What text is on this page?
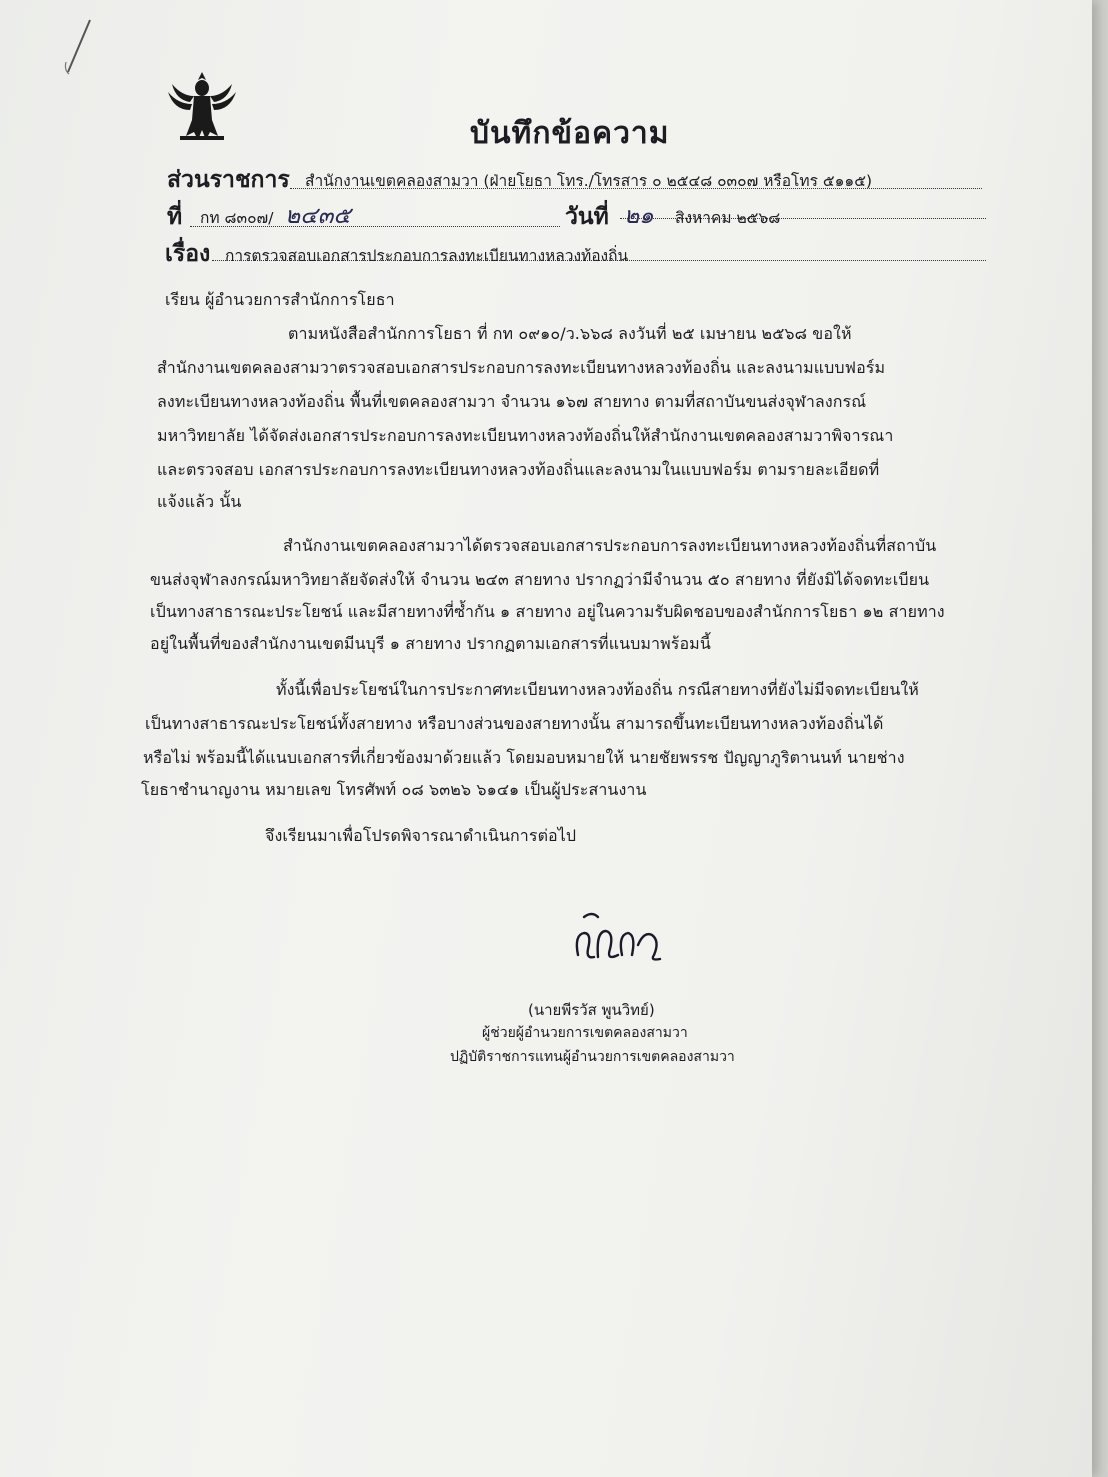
บันทึกข้อความ
ส่วนราชการ สำนักงานเขตคลองสามวา (ฝ่ายโยธา โทร./โทรสาร ๐ ๒๕๔๘ ๐๓๐๗ หรือโทร ๕๑๑๕)
ที่ กท ๘๓๐๗/ ๒๔๓๕	วันที่ ๒๑ สิงหาคม ๒๕๖๘
เรื่อง การตรวจสอบเอกสารประกอบการลงทะเบียนทางหลวงท้องถิ่น
เรียน ผู้อำนวยการสำนักการโยธา
ตามหนังสือสำนักการโยธา ที่ กท ๐๙๑๐/ว.๖๖๘ ลงวันที่ ๒๕ เมษายน ๒๕๖๘ ขอให้
สำนักงานเขตคลองสามวาตรวจสอบเอกสารประกอบการลงทะเบียนทางหลวงท้องถิ่น และลงนามแบบฟอร์ม
ลงทะเบียนทางหลวงท้องถิ่น พื้นที่เขตคลองสามวา จำนวน ๑๖๗ สายทาง ตามที่สถาบันขนส่งจุฬาลงกรณ์
มหาวิทยาลัย ได้จัดส่งเอกสารประกอบการลงทะเบียนทางหลวงท้องถิ่นให้สำนักงานเขตคลองสามวาพิจารณา
และตรวจสอบ เอกสารประกอบการลงทะเบียนทางหลวงท้องถิ่นและลงนามในแบบฟอร์ม ตามรายละเอียดที่
แจ้งแล้ว นั้น
สำนักงานเขตคลองสามวาได้ตรวจสอบเอกสารประกอบการลงทะเบียนทางหลวงท้องถิ่นที่สถาบัน
ขนส่งจุฬาลงกรณ์มหาวิทยาลัยจัดส่งให้ จำนวน ๒๔๓ สายทาง ปรากฏว่ามีจำนวน ๕๐ สายทาง ที่ยังมิได้จดทะเบียน
เป็นทางสาธารณะประโยชน์ และมีสายทางที่ซ้ำกัน ๑ สายทาง อยู่ในความรับผิดชอบของสำนักการโยธา ๑๒ สายทาง
อยู่ในพื้นที่ของสำนักงานเขตมีนบุรี ๑ สายทาง ปรากฏตามเอกสารที่แนบมาพร้อมนี้
ทั้งนี้เพื่อประโยชน์ในการประกาศทะเบียนทางหลวงท้องถิ่น กรณีสายทางที่ยังไม่มีจดทะเบียนให้
เป็นทางสาธารณะประโยชน์ทั้งสายทาง หรือบางส่วนของสายทางนั้น สามารถขึ้นทะเบียนทางหลวงท้องถิ่นได้
หรือไม่ พร้อมนี้ได้แนบเอกสารที่เกี่ยวข้องมาด้วยแล้ว โดยมอบหมายให้ นายชัยพรรช ปัญญาภูริตานนท์ นายช่าง
โยธาชำนาญงาน หมายเลข โทรศัพท์ ๐๘ ๖๓๒๖ ๖๑๔๑ เป็นผู้ประสานงาน
จึงเรียนมาเพื่อโปรดพิจารณาดำเนินการต่อไป
(นายพีรวัส พูนวิทย์)
ผู้ช่วยผู้อำนวยการเขตคลองสามวา
ปฏิบัติราชการแทนผู้อำนวยการเขตคลองสามวา
